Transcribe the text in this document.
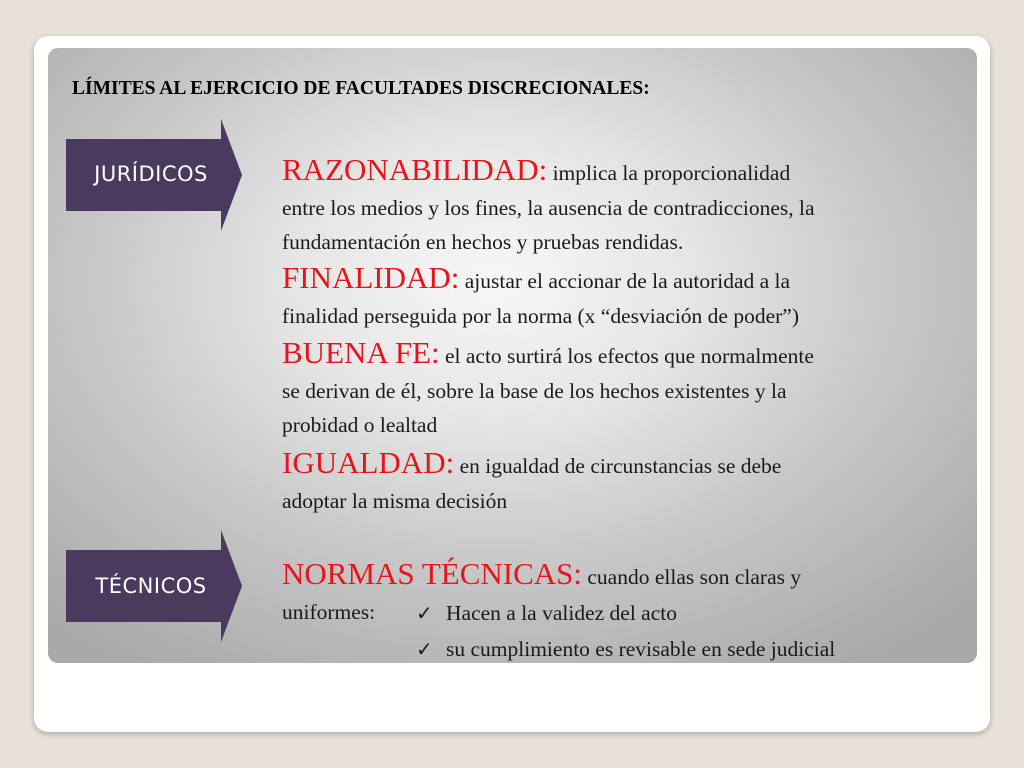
LÍMITES AL EJERCICIO DE FACULTADES DISCRECIONALES:
JURÍDICOS
TÉCNICOS
RAZONABILIDAD: implica la proporcionalidad
entre los medios y los fines, la ausencia de contradicciones, la
fundamentación en hechos y pruebas rendidas.
FINALIDAD: ajustar el accionar de la autoridad a la
finalidad perseguida por la norma (x “desviación de poder”)
BUENA FE: el acto surtirá los efectos que normalmente
se derivan de él, sobre la base de los hechos existentes y la
probidad o lealtad
IGUALDAD: en igualdad de circunstancias se debe
adoptar la misma decisión
NORMAS TÉCNICAS: cuando ellas son claras y
uniformes:	✓ Hacen a la validez del acto
✓ su cumplimiento es revisable en sede judicial
